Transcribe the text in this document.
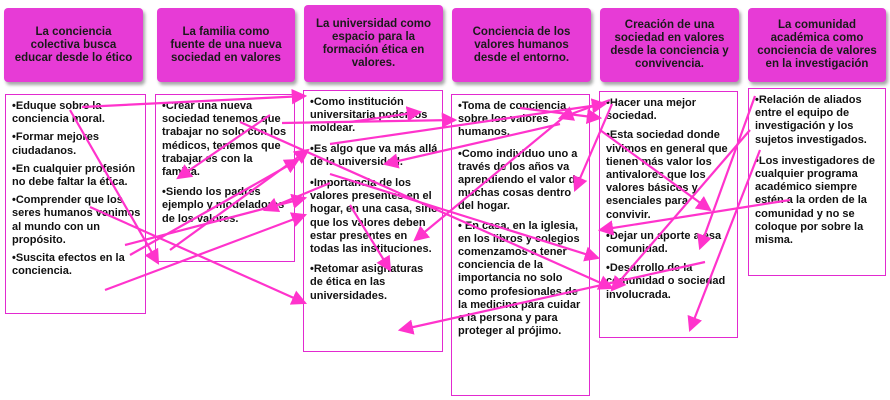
La conciencia colectiva busca educar desde lo ético
La familia como fuente de una nueva sociedad en valores
La universidad como espacio para la formación ética en valores.
Conciencia de los valores humanos desde el entorno.
Creación de una sociedad en valores desde la conciencia y convivencia.
La comunidad académica como conciencia de valores en la investigación
• Eduque sobre la conciencia moral.
• Formar mejores ciudadanos.
• En cualquier profesión no debe faltar la ética.
• Comprender que los seres humanos venimos al mundo con un propósito.
• Suscita efectos en la conciencia.
• Crear una nueva sociedad tenemos que trabajar no solo con los médicos, tenemos que trabajar es con la familia.
• Siendo los padres ejemplo y modeladores de los valores.
• Como institución universitaria podemos moldear.
• Es algo que va más allá de la universidad.
• Importancia de los valores presentes en el hogar, en una casa, sino que los valores deben estar presentes en todas las instituciones.
• Retomar asignaturas de ética en las universidades.
• Toma de conciencia sobre los valores humanos.
• Como individuo uno a través de los años va aprendiendo el valor de muchas cosas dentro del hogar.
• En casa, en la iglesia, en los libros y colegios comenzamos a tener conciencia de la importancia no solo como profesionales de la medicina para cuidar a la persona y para proteger al prójimo.
• Hacer una mejor sociedad.
• Esta sociedad donde vivimos en general que tienen más valor los antivalores que los valores básicos y esenciales para convivir.
• Dejar un aporte a esa comunidad.
• Desarrollo de la comunidad o sociedad involucrada.
• Relación de aliados entre el equipo de investigación y los sujetos investigados.
• Los investigadores de cualquier programa académico siempre estén a la orden de la comunidad y no se coloque por sobre la misma.
